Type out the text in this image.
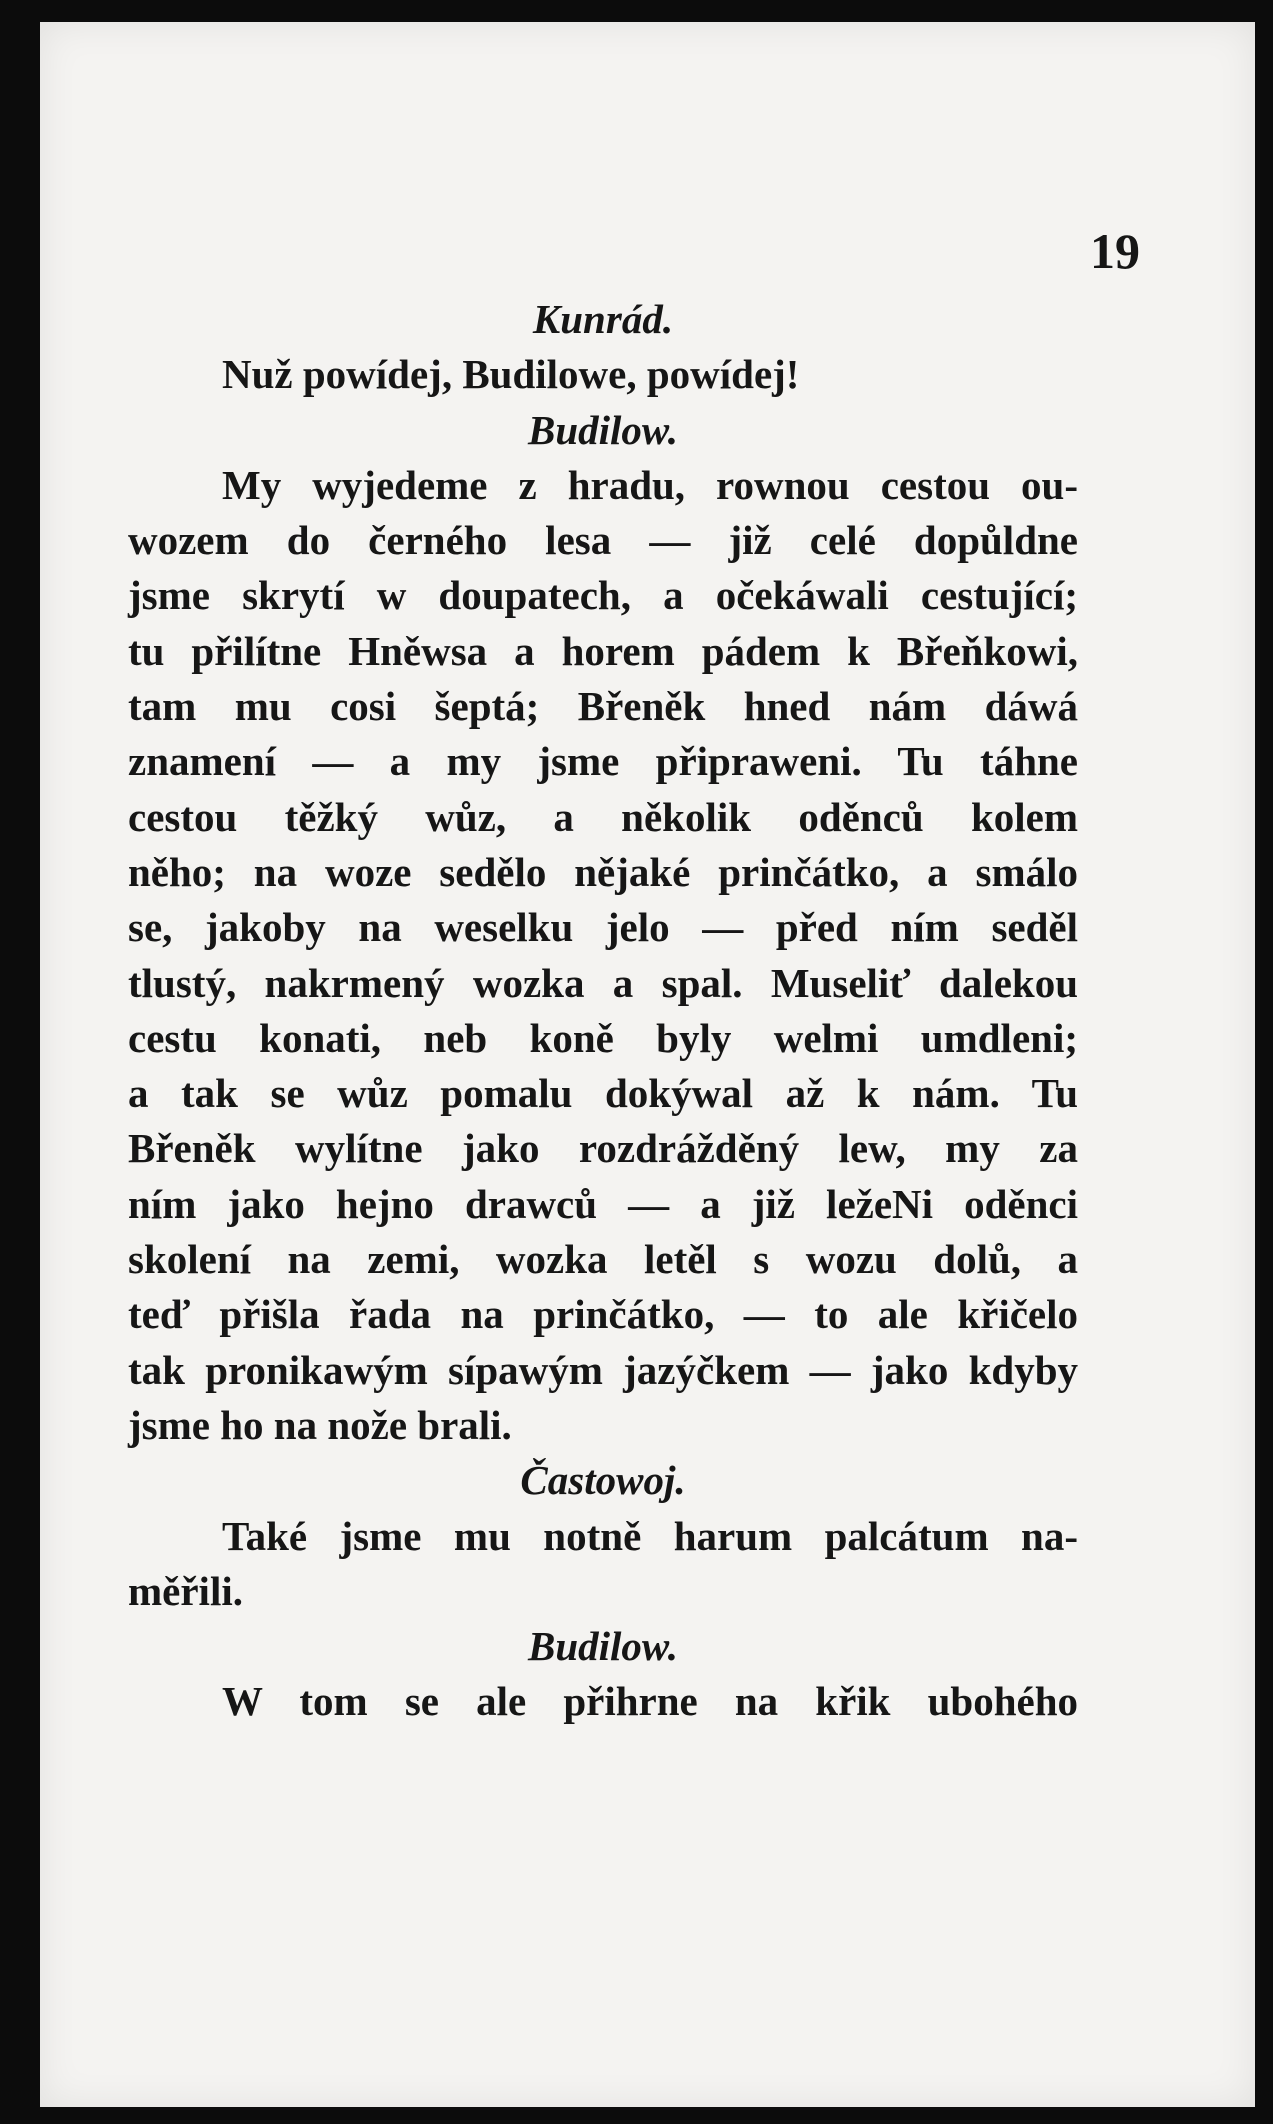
19
Kunrád.
Nuž powídej, Budilowe, powídej!
Budilow.
My wyjedeme z hradu, rownou cestou ou-
wozem do černého lesa — již celé dopůldne
jsme skrytí w doupatech, a očekáwali cestující;
tu přilítne Hněwsa a horem pádem k Břeňkowi,
tam mu cosi šeptá; Břeněk hned nám dáwá
znamení — a my jsme připraweni. Tu táhne
cestou těžký wůz, a několik oděnců kolem
něho; na woze sedělo nějaké prinčátko, a smálo
se, jakoby na weselku jelo — před ním seděl
tlustý, nakrmený wozka a spal. Museliť dalekou
cestu konati, neb koně byly welmi umdleni;
a tak se wůz pomalu dokýwal až k nám. Tu
Břeněk wylítne jako rozdrážděný lew, my za
ním jako hejno drawců — a již ležeNi oděnci
skolení na zemi, wozka letěl s wozu dolů, a
teď přišla řada na prinčátko, — to ale křičelo
tak pronikawým sípawým jazýčkem — jako kdyby
jsme ho na nože brali.
Častowoj.
Také jsme mu notně harum palcátum na-
měřili.
Budilow.
W tom se ale přihrne na křik ubohého
